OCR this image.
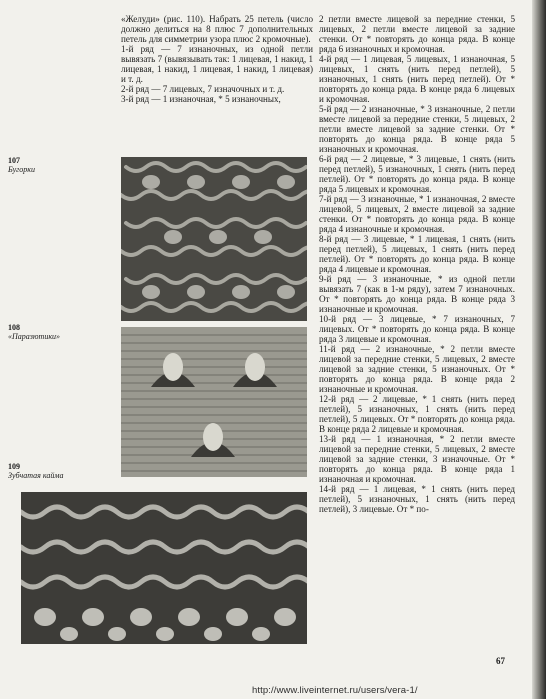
«Желуди» (рис. 110). Набрать 25 петель (число должно делиться на 8 плюс 7 дополнительных петель для симметрии узора плюс 2 кромочные).

1-й ряд — 7 изнаночных, из одной петли вывязать 7 (вывязывать так: 1 лицевая, 1 накид, 1 лицевая, 1 накид, 1 лицевая, 1 накид, 1 лицевая) и т. д.

2-й ряд — 7 лицевых, 7 изначочных и т. д.

3-й ряд — 1 изнаночная, * 5 изнаночных,

107
Бугорки
108
«Паразютики»
109
Зубчатая кайма

2 петли вместе лицевой за передние стенки, 5 лицевых, 2 петли вместе лицевой за задние стенки. От * повторять до конца ряда. В конце ряда 6 изнаночных и кромочная.

4-й ряд — 1 лицевая, 5 лицевых, 1 изнаночная, 5 лицевых, 1 снять (нить перед петлей), 5 изнаночных, 1 снять (нить перед петлей). От * повторять до конца ряда. В конце ряда 6 лицевых и кромочная.

5-й ряд — 2 изнаночные, * 3 изнаночные, 2 петли вместе лицевой за передние стенки, 5 лицевых, 2 петли вместе лицевой за задние стенки. От * повторять до конца ряда. В конце ряда 5 изнаночных и кромочная.

6-й ряд — 2 лицевые, * 3 лицевые, 1 снять (нить перед петлей), 5 изнаночных, 1 снять (нить перед петлей). От * повторять до конца ряда. В конце ряда 5 лицевых и кромочная.

7-й ряд — 3 изнаночные, * 1 изнаночная, 2 вместе лицевой, 5 лицевых, 2 вместе лицевой за задние стенки. От * повторять до конца ряда. В конце ряда 4 изнаночные и кромочная.

8-й ряд — 3 лицевые, * 1 лицевая, 1 снять (нить перед петлей), 5 лицевых, 1 снять (нить перед петлей). От * повторять до конца ряда. В конце ряда 4 лицевые и кромочная.

9-й ряд — 3 изнаночные, * из одной петли вывязать 7 (как в 1-м ряду), затем 7 изнаночных. От * повторять до конца ряда. В конце ряда 3 изнаночные и кромочная.

10-й ряд — 3 лицевые, * 7 изнаночных, 7 лицевых. От * повторять до конца ряда. В конце ряда 3 лицевые и кромочная.

11-й ряд — 2 изнаночные, * 2 петли вместе лицевой за передние стенки, 5 лицевых, 2 вместе лицевой за задние стенки, 5 изнаночных. От * повторять до конца ряда. В конце ряда 2 изнаночные и кромочная.

12-й ряд — 2 лицевые, * 1 снять (нить перед петлей), 5 изнаночных, 1 снять (нить перед петлей), 5 лицевых. От * повторять до конца ряда. В конце ряда 2 лицевые и кромочная.

13-й ряд — 1 изнаночная, * 2 петли вместе лицевой за передние стенки, 5 лицевых, 2 вместе лицевой за задние стенки, 3 изначочные. От * повторять до конца ряда. В конце ряда 1 изнаночная и кромочная.

14-й ряд — 1 лицевая, * 1 снять (нить перед петлей), 5 изнаночных, 1 снять (нить перед петлей), 3 лицевые. От * по-

67
http://www.liveinternet.ru/users/vera-1/
